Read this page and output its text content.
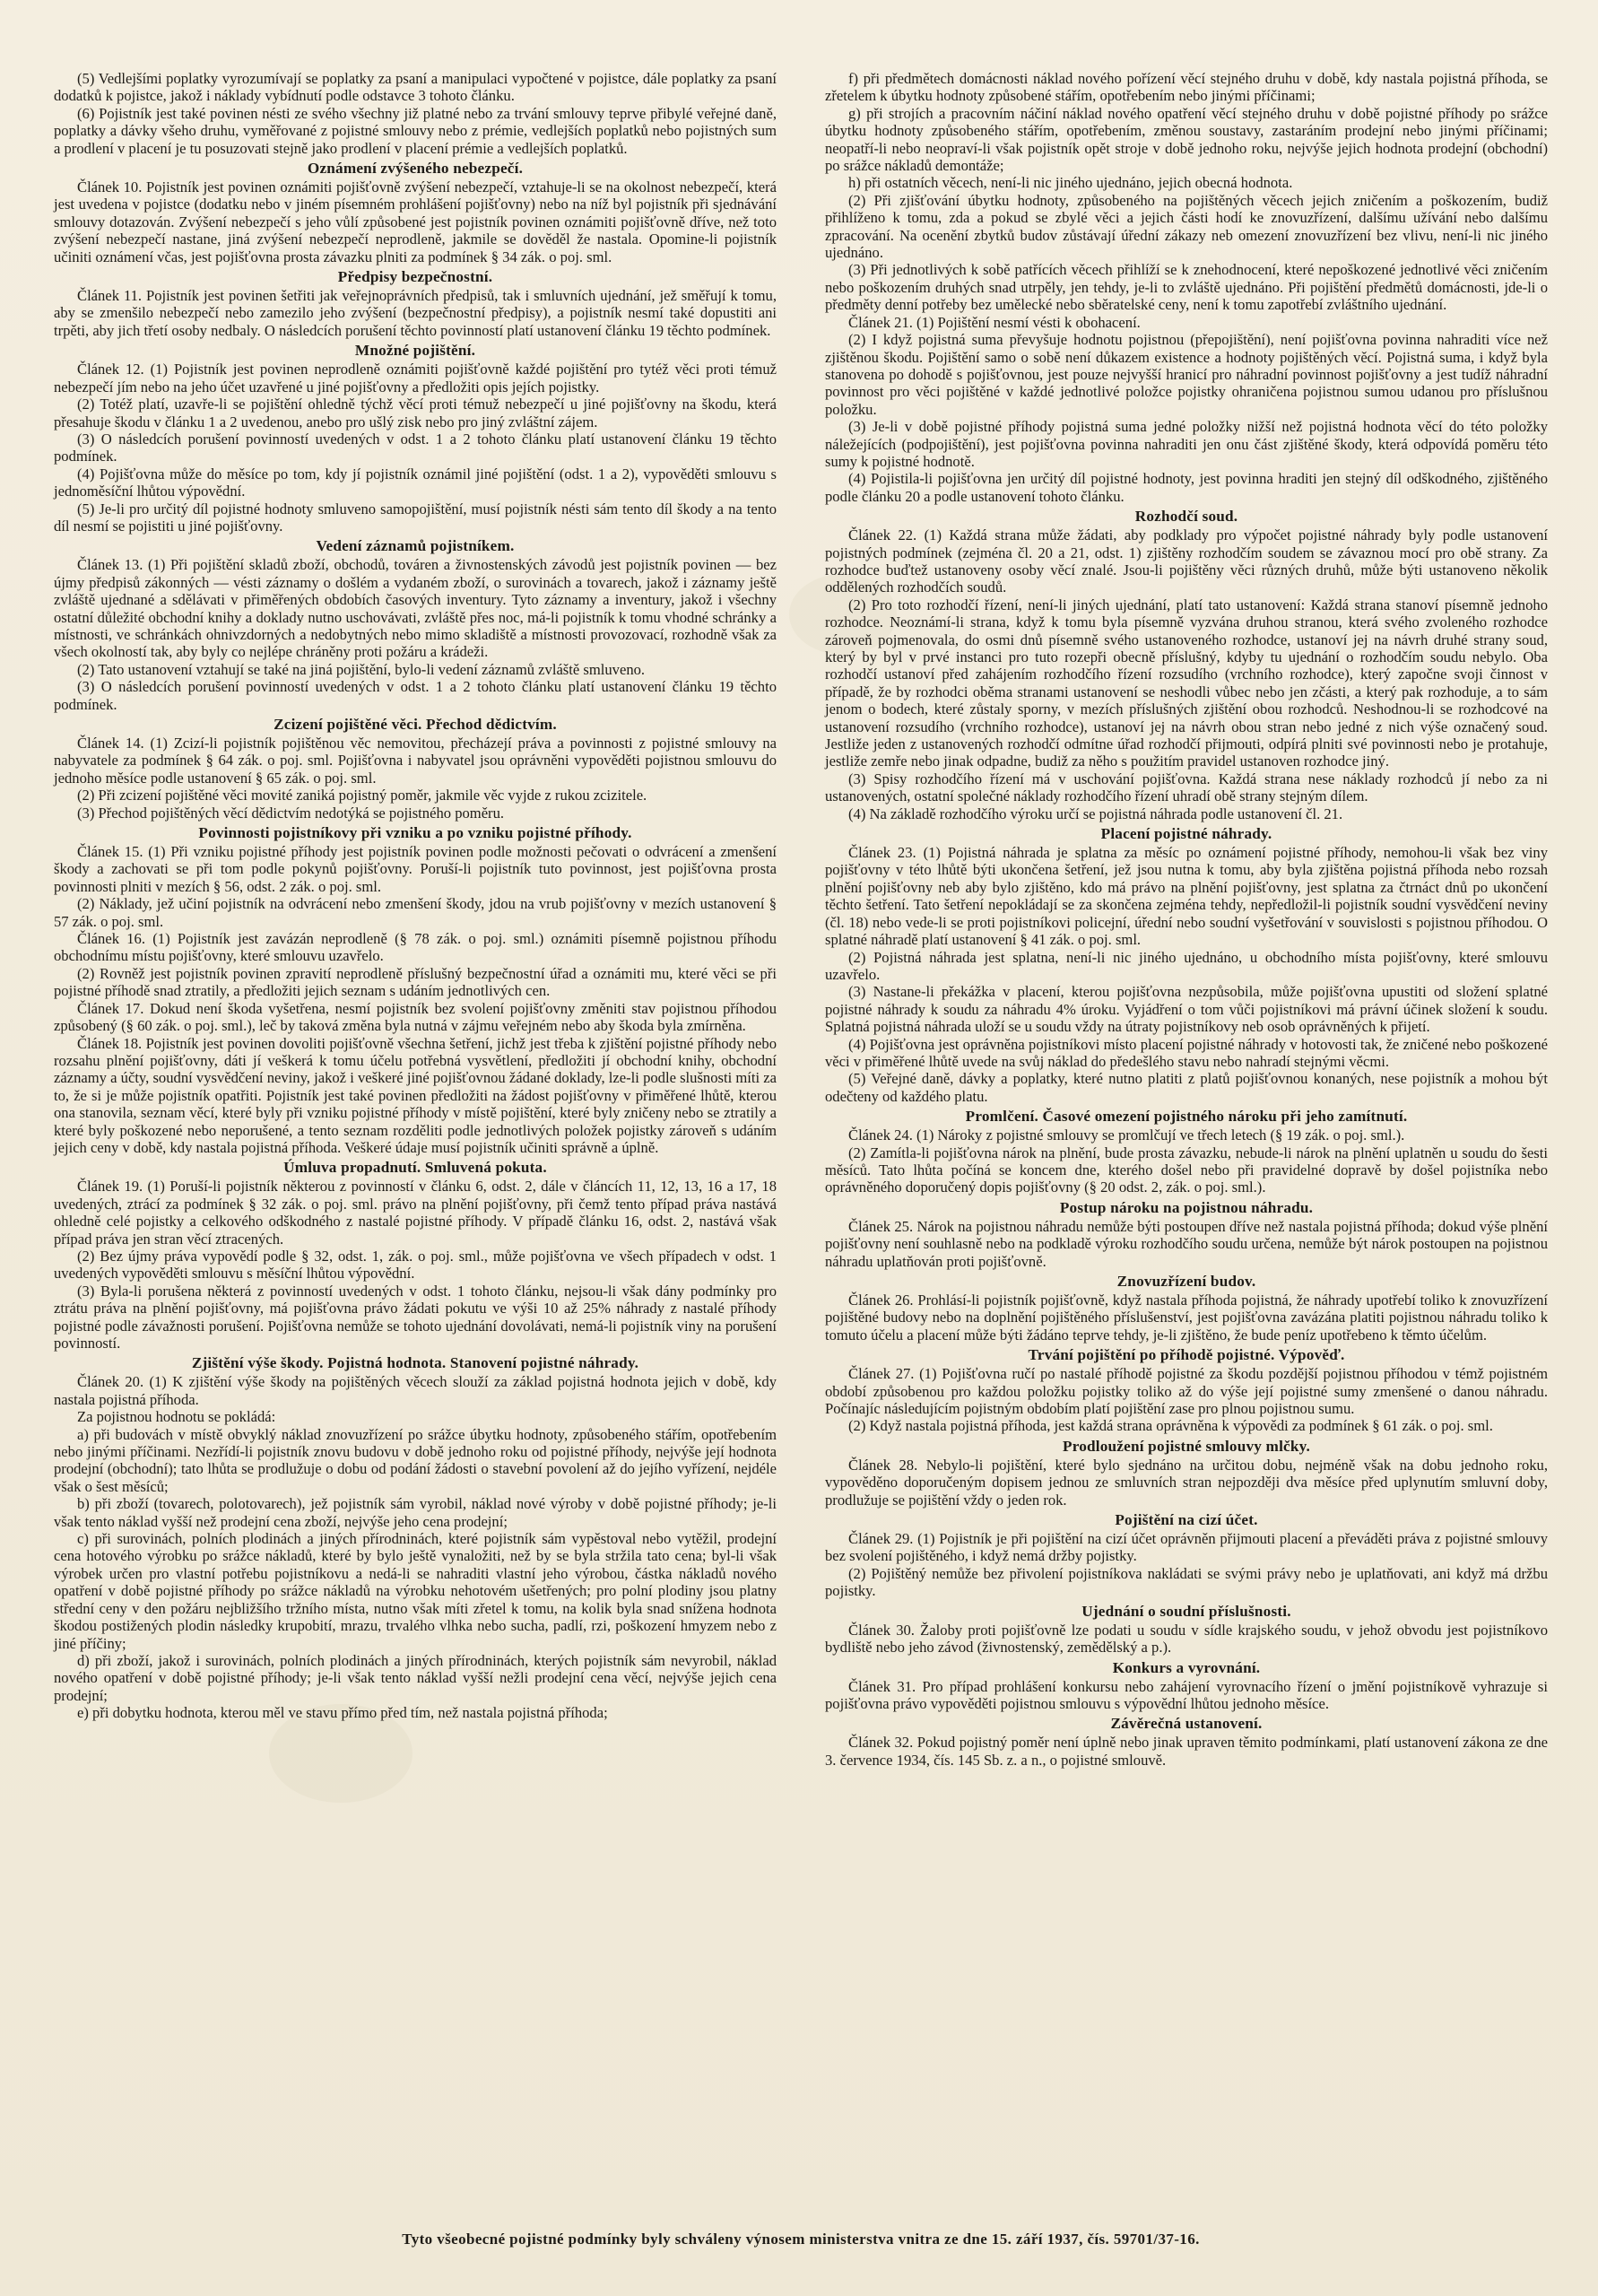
(5) Vedlejšími poplatky vyrozumívají se poplatky za psaní a manipulaci vypočtené v pojistce, dále poplatky za psaní dodatků k pojistce, jakož i náklady vybídnutí podle odstavce 3 tohoto článku.

(6) Pojistník jest také povinen nésti ze svého všechny již platné nebo za trvání smlouvy teprve přibylé veřejné daně, poplatky a dávky všeho druhu, vyměřované z pojistné smlouvy nebo z prémie, vedlejších poplatků nebo pojistných sum a prodlení v placení je tu posuzovati stejně jako prodlení v placení prémie a vedlejších poplatků.

Oznámení zvýšeného nebezpečí.

Článek 10. Pojistník jest povinen oznámiti pojišťovně zvýšení nebezpečí, vztahuje-li se na okolnost nebezpečí, která jest uvedena v pojistce (dodatku nebo v jiném písemném prohlášení pojišťovny) nebo na níž byl pojistník při sjednávání smlouvy dotazován. Zvýšení nebezpečí s jeho vůlí způsobené jest pojistník povinen oznámiti pojišťovně dříve, než toto zvýšení nebezpečí nastane, jiná zvýšení nebezpečí neprodleně, jakmile se dověděl že nastala. Opomine-li pojistník učiniti oznámení včas, jest pojišťovna prosta závazku plniti za podmínek § 34 zák. o poj. sml.

Předpisy bezpečnostní.

Článek 11. Pojistník jest povinen šetřiti jak veřejnoprávních předpisů, tak i smluvních ujednání, jež směřují k tomu, aby se zmenšilo nebezpečí nebo zamezilo jeho zvýšení (bezpečnostní předpisy), a pojistník nesmí také dopustiti ani trpěti, aby jich třetí osoby nedbaly. O následcích porušení těchto povinností platí ustanovení článku 19 těchto podmínek.

Množné pojištění.

Článek 12. (1) Pojistník jest povinen neprodleně oznámiti pojišťovně každé pojištění pro tytéž věci proti témuž nebezpečí jím nebo na jeho účet uzavřené u jiné pojišťovny a předložiti opis jejích pojistky.

(2) Totéž platí, uzavře-li se pojištění ohledně týchž věcí proti témuž nebezpečí u jiné pojišťovny na škodu, která přesahuje škodu v článku 1 a 2 uvedenou, anebo pro ušlý zisk nebo pro jiný zvláštní zájem.

(3) O následcích porušení povinností uvedených v odst. 1 a 2 tohoto článku platí ustanovení článku 19 těchto podmínek.

(4) Pojišťovna může do měsíce po tom, kdy jí pojistník oznámil jiné pojištění (odst. 1 a 2), vypověděti smlouvu s jednoměsíční lhůtou výpovědní.

(5) Je-li pro určitý díl pojistné hodnoty smluveno samopojištění, musí pojistník nésti sám tento díl škody a na tento díl nesmí se pojistiti u jiné pojišťovny.

Vedení záznamů pojistníkem.

Článek 13. (1) Při pojištění skladů zboží, obchodů, továren a živnostenských závodů jest pojistník povinen — bez újmy předpisů zákonných — vésti záznamy o došlém a vydaném zboží, o surovinách a tovarech, jakož i záznamy ještě zvláště ujednané a sdělávati v přiměřených obdobích časových inventury. Tyto záznamy a inventury, jakož i všechny ostatní důležité obchodní knihy a doklady nutno uschovávati, zvláště přes noc, má-li pojistník k tomu vhodné schránky a místnosti, ve schránkách ohnivzdorných a nedobytných nebo mimo skladiště a místnosti provozovací, rozhodně však za všech okolností tak, aby byly co nejlépe chráněny proti požáru a krádeži.

(2) Tato ustanovení vztahují se také na jiná pojištění, bylo-li vedení záznamů zvláště smluveno.

(3) O následcích porušení povinností uvedených v odst. 1 a 2 tohoto článku platí ustanovení článku 19 těchto podmínek.

Zcizení pojištěné věci. Přechod dědictvím.

Článek 14. (1) Zcizí-li pojistník pojištěnou věc nemovitou, přecházejí práva a povinnosti z pojistné smlouvy na nabyvatele za podmínek § 64 zák. o poj. sml. Pojišťovna i nabyvatel jsou oprávněni vypověděti pojistnou smlouvu do jednoho měsíce podle ustanovení § 65 zák. o poj. sml.

(2) Při zcizení pojištěné věci movité zaniká pojistný poměr, jakmile věc vyjde z rukou zcizitele.

(3) Přechod pojištěných věcí dědictvím nedotýká se pojistného poměru.

Povinnosti pojistníkovy při vzniku a po vzniku pojistné příhody.

Článek 15. (1) Při vzniku pojistné příhody jest pojistník povinen podle možnosti pečovati o odvrácení a zmenšení škody a zachovati se při tom podle pokynů pojišťovny. Poruší-li pojistník tuto povinnost, jest pojišťovna prosta povinnosti plniti v mezích § 56, odst. 2 zák. o poj. sml.

(2) Náklady, jež učiní pojistník na odvrácení nebo zmenšení škody, jdou na vrub pojišťovny v mezích ustanovení § 57 zák. o poj. sml.

Článek 16. (1) Pojistník jest zavázán neprodleně (§ 78 zák. o poj. sml.) oznámiti písemně pojistnou příhodu obchodnímu místu pojišťovny, které smlouvu uzavřelo.

(2) Rovněž jest pojistník povinen zpravití neprodleně příslušný bezpečnostní úřad a oznámiti mu, které věci se při pojistné příhodě snad ztratily, a předložiti jejich seznam s udáním jednotlivých cen.

Článek 17. Dokud není škoda vyšetřena, nesmí pojistník bez svolení pojišťovny změniti stav pojistnou příhodou způsobený (§ 60 zák. o poj. sml.), leč by taková změna byla nutná v zájmu veřejném nebo aby škoda byla zmírněna.

Článek 18. Pojistník jest povinen dovoliti pojišťovně všechna šetření, jichž jest třeba k zjištění pojistné příhody nebo rozsahu plnění pojišťovny, dáti jí veškerá k tomu účelu potřebná vysvětlení, předložiti jí obchodní knihy, obchodní záznamy a účty, soudní vysvědčení neviny, jakož i veškeré jiné pojišťovnou žádané doklady, lze-li podle slušnosti míti za to, že si je může pojistník opatřiti. Pojistník jest také povinen předložiti na žádost pojišťovny v přiměřené lhůtě, kterou ona stanovila, seznam věcí, které byly při vzniku pojistné příhody v místě pojištění, které byly zničeny nebo se ztratily a které byly poškozené nebo neporušené, a tento seznam rozděliti podle jednotlivých položek pojistky zároveň s udáním jejich ceny v době, kdy nastala pojistná příhoda. Veškeré údaje musí pojistník učiniti správně a úplně.

Úmluva propadnutí. Smluvená pokuta.

Článek 19. (1) Poruší-li pojistník některou z povinností v článku 6, odst. 2, dále v článcích 11, 12, 13, 16 a 17, 18 uvedených, ztrácí za podmínek § 32 zák. o poj. sml. právo na plnění pojišťovny, při čemž tento případ práva nastává ohledně celé pojistky a celkového odškodného z nastalé pojistné příhody. V případě článku 16, odst. 2, nastává však případ práva jen stran věcí ztracených.

(2) Bez újmy práva vypovědí podle § 32, odst. 1, zák. o poj. sml., může pojišťovna ve všech případech v odst. 1 uvedených vypověděti smlouvu s měsíční lhůtou výpovědní.

(3) Byla-li porušena některá z povinností uvedených v odst. 1 tohoto článku, nejsou-li však dány podmínky pro ztrátu práva na plnění pojišťovny, má pojišťovna právo žádati pokutu ve výši 10 až 25% náhrady z nastalé příhody pojistné podle závažnosti porušení. Pojišťovna nemůže se tohoto ujednání dovolávati, nemá-li pojistník viny na porušení povinností.

Zjištění výše škody. Pojistná hodnota. Stanovení pojistné náhrady.

Článek 20. (1) K zjištění výše škody na pojištěných věcech slouží za základ pojistná hodnota jejich v době, kdy nastala pojistná příhoda.

Za pojistnou hodnotu se pokládá:

a) při budovách v místě obvyklý náklad znovuzřízení po srážce úbytku hodnoty, způsobeného stářím, opotřebením nebo jinými příčinami. Nezřídí-li pojistník znovu budovu v době jednoho roku od pojistné příhody, nejvýše její hodnota prodejní (obchodní); tato lhůta se prodlužuje o dobu od podání žádosti o stavební povolení až do jejího vyřízení, nejdéle však o šest měsíců;

b) při zboží (tovarech, polotovarech), jež pojistník sám vyrobil, náklad nové výroby v době pojistné příhody; je-li však tento náklad vyšší než prodejní cena zboží, nejvýše jeho cena prodejní;

c) při surovinách, polních plodinách a jiných přírodninách, které pojistník sám vypěstoval nebo vytěžil, prodejní cena hotového výrobku po srážce nákladů, které by bylo ještě vynaložiti, než by se byla stržila tato cena; byl-li však výrobek určen pro vlastní potřebu pojistníkovu a nedá-li se nahraditi vlastní jeho výrobou, částka nákladů nového opatření v době pojistné příhody po srážce nákladů na výrobku nehotovém ušetřených; pro polní plodiny jsou platny střední ceny v den požáru nejbližšího tržního místa, nutno však míti zřetel k tomu, na kolik byla snad snížena hodnota škodou postižených plodin následky krupobití, mrazu, trvalého vlhka nebo sucha, padlí, rzi, poškození hmyzem nebo z jiné příčiny;

d) při zboží, jakož i surovinách, polních plodinách a jiných přírodninách, kterých pojistník sám nevyrobil, náklad nového opatření v době pojistné příhody; je-li však tento náklad vyšší nežli prodejní cena věcí, nejvýše jejich cena prodejní;

e) při dobytku hodnota, kterou měl ve stavu přímo před tím, než nastala pojistná příhoda;

f) při předmětech domácnosti náklad nového pořízení věcí stejného druhu v době, kdy nastala pojistná příhoda, se zřetelem k úbytku hodnoty způsobené stářím, opotřebením nebo jinými příčinami;

g) při strojích a pracovním náčiní náklad nového opatření věcí stejného druhu v době pojistné příhody po srážce úbytku hodnoty způsobeného stářím, opotřebením, změnou soustavy, zastaráním prodejní nebo jinými příčinami; neopatří-li nebo neopraví-li však pojistník opět stroje v době jednoho roku, nejvýše jejich hodnota prodejní (obchodní) po srážce nákladů demontáže;

h) při ostatních věcech, není-li nic jiného ujednáno, jejich obecná hodnota.

(2) Při zjišťování úbytku hodnoty, způsobeného na pojištěných věcech jejich zničením a poškozením, budiž přihlíženo k tomu, zda a pokud se zbylé věci a jejich části hodí ke znovuzřízení, dalšímu užívání nebo dalšímu zpracování. Na ocenění zbytků budov zůstávají úřední zákazy neb omezení znovuzřízení bez vlivu, není-li nic jiného ujednáno.

(3) Při jednotlivých k sobě patřících věcech přihlíží se k znehodnocení, které nepoškozené jednotlivé věci zničením nebo poškozením druhých snad utrpěly, jen tehdy, je-li to zvláště ujednáno. Při pojištění předmětů domácnosti, jde-li o předměty denní potřeby bez umělecké nebo sběratelské ceny, není k tomu zapotřebí zvláštního ujednání.

Článek 21. (1) Pojištění nesmí vésti k obohacení.

(2) I když pojistná suma převyšuje hodnotu pojistnou (přepojištění), není pojišťovna povinna nahraditi více než zjištěnou škodu. Pojištění samo o sobě není důkazem existence a hodnoty pojištěných věcí. Pojistná suma, i když byla stanovena po dohodě s pojišťovnou, jest pouze nejvyšší hranicí pro náhradní povinnost pojišťovny a jest tudíž náhradní povinnost pro věci pojištěné v každé jednotlivé položce pojistky ohraničena pojistnou sumou udanou pro příslušnou položku.

(3) Je-li v době pojistné příhody pojistná suma jedné položky nižší než pojistná hodnota věcí do této položky náležejících (podpojištění), jest pojišťovna povinna nahraditi jen onu část zjištěné škody, která odpovídá poměru této sumy k pojistné hodnotě.

(4) Pojistila-li pojišťovna jen určitý díl pojistné hodnoty, jest povinna hraditi jen stejný díl odškodného, zjištěného podle článku 20 a podle ustanovení tohoto článku.

Rozhodčí soud.

Článek 22. (1) Každá strana může žádati, aby podklady pro výpočet pojistné náhrady byly podle ustanovení pojistných podmínek (zejména čl. 20 a 21, odst. 1) zjištěny rozhodčím soudem se závaznou mocí pro obě strany. Za rozhodce buďtež ustanoveny osoby věcí znalé. Jsou-li pojištěny věci různých druhů, může býti ustanoveno několik oddělených rozhodčích soudů.

(2) Pro toto rozhodčí řízení, není-li jiných ujednání, platí tato ustanovení: Každá strana stanoví písemně jednoho rozhodce. Neoznámí-li strana, když k tomu byla písemně vyzvána druhou stranou, která svého zvoleného rozhodce zároveň pojmenovala, do osmi dnů písemně svého ustanoveného rozhodce, ustanoví jej na návrh druhé strany soud, který by byl v prvé instanci pro tuto rozepři obecně příslušný, kdyby tu ujednání o rozhodčím soudu nebylo. Oba rozhodčí ustanoví před zahájením rozhodčího řízení rozsudího (vrchního rozhodce), který započne svoji činnost v případě, že by rozhodci oběma stranami ustanovení se neshodli vůbec nebo jen zčásti, a který pak rozhoduje, a to sám jenom o bodech, které zůstaly sporny, v mezích příslušných zjištění obou rozhodců. Neshodnou-li se rozhodcové na ustanovení rozsudího (vrchního rozhodce), ustanoví jej na návrh obou stran nebo jedné z nich výše označený soud. Jestliže jeden z ustanovených rozhodčí odmítne úřad rozhodčí přijmouti, odpírá plniti své povinnosti nebo je protahuje, jestliže zemře nebo jinak odpadne, budiž za něho s použitím pravidel ustanoven rozhodce jiný.

(3) Spisy rozhodčího řízení má v uschování pojišťovna. Každá strana nese náklady rozhodců jí nebo za ni ustanovených, ostatní společné náklady rozhodčího řízení uhradí obě strany stejným dílem.

(4) Na základě rozhodčího výroku určí se pojistná náhrada podle ustanovení čl. 21.

Placení pojistné náhrady.

Článek 23. (1) Pojistná náhrada je splatna za měsíc po oznámení pojistné příhody, nemohou-li však bez viny pojišťovny v této lhůtě býti ukončena šetření, jež jsou nutna k tomu, aby byla zjištěna pojistná příhoda nebo rozsah plnění pojišťovny neb aby bylo zjištěno, kdo má právo na plnění pojišťovny, jest splatna za čtrnáct dnů po ukončení těchto šetření. Tato šetření nepokládají se za skončena zejména tehdy, nepředložil-li pojistník soudní vysvědčení neviny (čl. 18) nebo vede-li se proti pojistníkovi policejní, úřední nebo soudní vyšetřování v souvislosti s pojistnou příhodou. O splatné náhradě platí ustanovení § 41 zák. o poj. sml.

(2) Pojistná náhrada jest splatna, není-li nic jiného ujednáno, u obchodního místa pojišťovny, které smlouvu uzavřelo.

(3) Nastane-li překážka v placení, kterou pojišťovna nezpůsobila, může pojišťovna upustiti od složení splatné pojistné náhrady k soudu za náhradu 4% úroku. Vyjádření o tom vůči pojistníkovi má právní účinek složení k soudu. Splatná pojistná náhrada uloží se u soudu vždy na útraty pojistníkovy neb osob oprávněných k přijetí.

(4) Pojišťovna jest oprávněna pojistníkovi místo placení pojistné náhrady v hotovosti tak, že zničené nebo poškozené věci v přiměřené lhůtě uvede na svůj náklad do předešlého stavu nebo nahradí stejnými věcmi.

(5) Veřejné daně, dávky a poplatky, které nutno platiti z platů pojišťovnou konaných, nese pojistník a mohou být odečteny od každého platu.

Promlčení. Časové omezení pojistného nároku při jeho zamítnutí.

Článek 24. (1) Nároky z pojistné smlouvy se promlčují ve třech letech (§ 19 zák. o poj. sml.).

(2) Zamítla-li pojišťovna nárok na plnění, bude prosta závazku, nebude-li nárok na plnění uplatněn u soudu do šesti měsíců. Tato lhůta počíná se koncem dne, kterého došel nebo při pravidelné dopravě by došel pojistníka nebo oprávněného doporučený dopis pojišťovny (§ 20 odst. 2, zák. o poj. sml.).

Postup nároku na pojistnou náhradu.

Článek 25. Nárok na pojistnou náhradu nemůže býti postoupen dříve než nastala pojistná příhoda; dokud výše plnění pojišťovny není souhlasně nebo na podkladě výroku rozhodčího soudu určena, nemůže být nárok postoupen na pojistnou náhradu uplatňován proti pojišťovně.

Znovuzřízení budov.

Článek 26. Prohlásí-li pojistník pojišťovně, když nastala příhoda pojistná, že náhrady upotřebí toliko k znovuzřízení pojištěné budovy nebo na doplnění pojištěného příslušenství, jest pojišťovna zavázána platiti pojistnou náhradu toliko k tomuto účelu a placení může býti žádáno teprve tehdy, je-li zjištěno, že bude peníz upotřebeno k těmto účelům.

Trvání pojištění po příhodě pojistné. Výpověď.

Článek 27. (1) Pojišťovna ručí po nastalé příhodě pojistné za škodu pozdější pojistnou příhodou v témž pojistném období způsobenou pro každou položku pojistky toliko až do výše její pojistné sumy zmenšené o danou náhradu. Počínajíc následujícím pojistným obdobím platí pojištění zase pro plnou pojistnou sumu.

(2) Když nastala pojistná příhoda, jest každá strana oprávněna k výpovědi za podmínek § 61 zák. o poj. sml.

Prodloužení pojistné smlouvy mlčky.

Článek 28. Nebylo-li pojištění, které bylo sjednáno na určitou dobu, nejméně však na dobu jednoho roku, vypověděno doporučeným dopisem jednou ze smluvních stran nejpozději dva měsíce před uplynutím smluvní doby, prodlužuje se pojištění vždy o jeden rok.

Pojištění na cizí účet.

Článek 29. (1) Pojistník je při pojištění na cizí účet oprávněn přijmouti placení a převáděti práva z pojistné smlouvy bez svolení pojištěného, i když nemá držby pojistky.

(2) Pojištěný nemůže bez přivolení pojistníkova nakládati se svými právy nebo je uplatňovati, ani když má držbu pojistky.

Ujednání o soudní příslušnosti.

Článek 30. Žaloby proti pojišťovně lze podati u soudu v sídle krajského soudu, v jehož obvodu jest pojistníkovo bydliště nebo jeho závod (živnostenský, zemědělský a p.).

Konkurs a vyrovnání.

Článek 31. Pro případ prohlášení konkursu nebo zahájení vyrovnacího řízení o jmění pojistníkově vyhrazuje si pojišťovna právo vypověděti pojistnou smlouvu s výpovědní lhůtou jednoho měsíce.

Závěrečná ustanovení.

Článek 32. Pokud pojistný poměr není úplně nebo jinak upraven těmito podmínkami, platí ustanovení zákona ze dne 3. července 1934, čís. 145 Sb. z. a n., o pojistné smlouvě.

Tyto všeobecné pojistné podmínky byly schváleny výnosem ministerstva vnitra ze dne 15. září 1937, čís. 59701/37-16.
